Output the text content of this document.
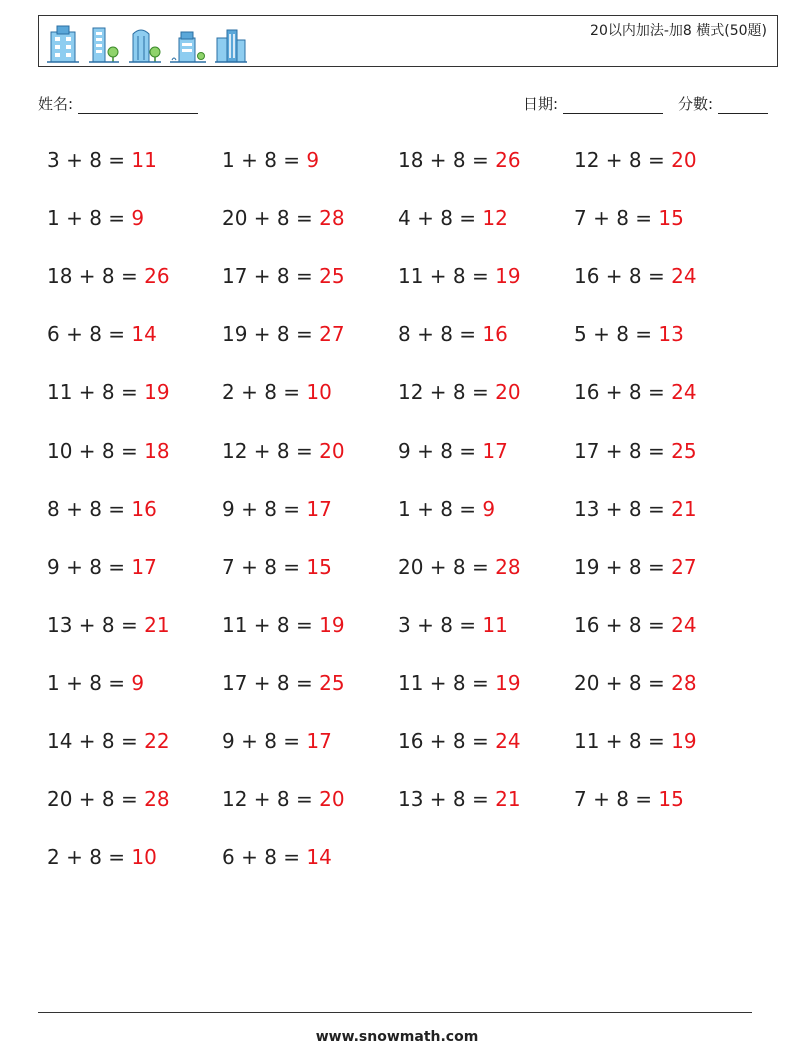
20以内加法-加8 横式(50題)
姓名:	日期:	分數:
3 + 8 = 11	1 + 8 = 9	18 + 8 = 26	12 + 8 = 20
1 + 8 = 9	20 + 8 = 28	4 + 8 = 12	7 + 8 = 15
18 + 8 = 26	17 + 8 = 25	11 + 8 = 19	16 + 8 = 24
6 + 8 = 14	19 + 8 = 27	8 + 8 = 16	5 + 8 = 13
11 + 8 = 19	2 + 8 = 10	12 + 8 = 20	16 + 8 = 24
10 + 8 = 18	12 + 8 = 20	9 + 8 = 17	17 + 8 = 25
8 + 8 = 16	9 + 8 = 17	1 + 8 = 9	13 + 8 = 21
9 + 8 = 17	7 + 8 = 15	20 + 8 = 28	19 + 8 = 27
13 + 8 = 21	11 + 8 = 19	3 + 8 = 11	16 + 8 = 24
1 + 8 = 9	17 + 8 = 25	11 + 8 = 19	20 + 8 = 28
14 + 8 = 22	9 + 8 = 17	16 + 8 = 24	11 + 8 = 19
20 + 8 = 28	12 + 8 = 20	13 + 8 = 21	7 + 8 = 15
2 + 8 = 10	6 + 8 = 14
www.snowmath.com
